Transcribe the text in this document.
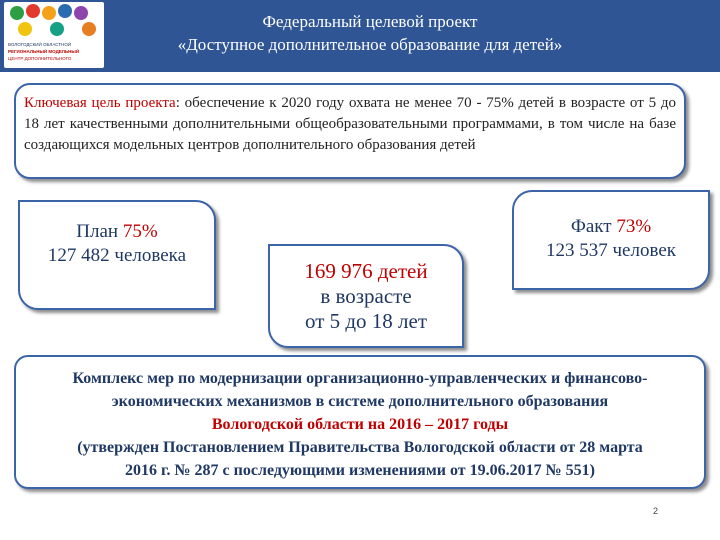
ВОЛОГОДСКИЙ ОБЛАСТНОЙ
РЕГИОНАЛЬНЫЙ МОДЕЛЬНЫЙ
ЦЕНТР ДОПОЛНИТЕЛЬНОГО
Федеральный целевой проект
«Доступное дополнительное образование для детей»
Ключевая цель проекта: обеспечение к 2020 году охвата не менее 70 - 75% детей в возрасте от 5 до 18 лет качественными дополнительными общеобразовательными программами, в том числе на базе создающихся модельных центров дополнительного образования детей
План 75%
127 482 человека
169 976 детей
в возрасте
от 5 до 18 лет
Факт 73%
123 537 человек
Комплекс мер по модернизации организационно-управленческих и финансово-
экономических механизмов в системе дополнительного образования
Вологодской области на 2016 – 2017 годы
(утвержден Постановлением Правительства Вологодской области от 28 марта
2016 г. № 287 с последующими изменениями от 19.06.2017 № 551)
2
